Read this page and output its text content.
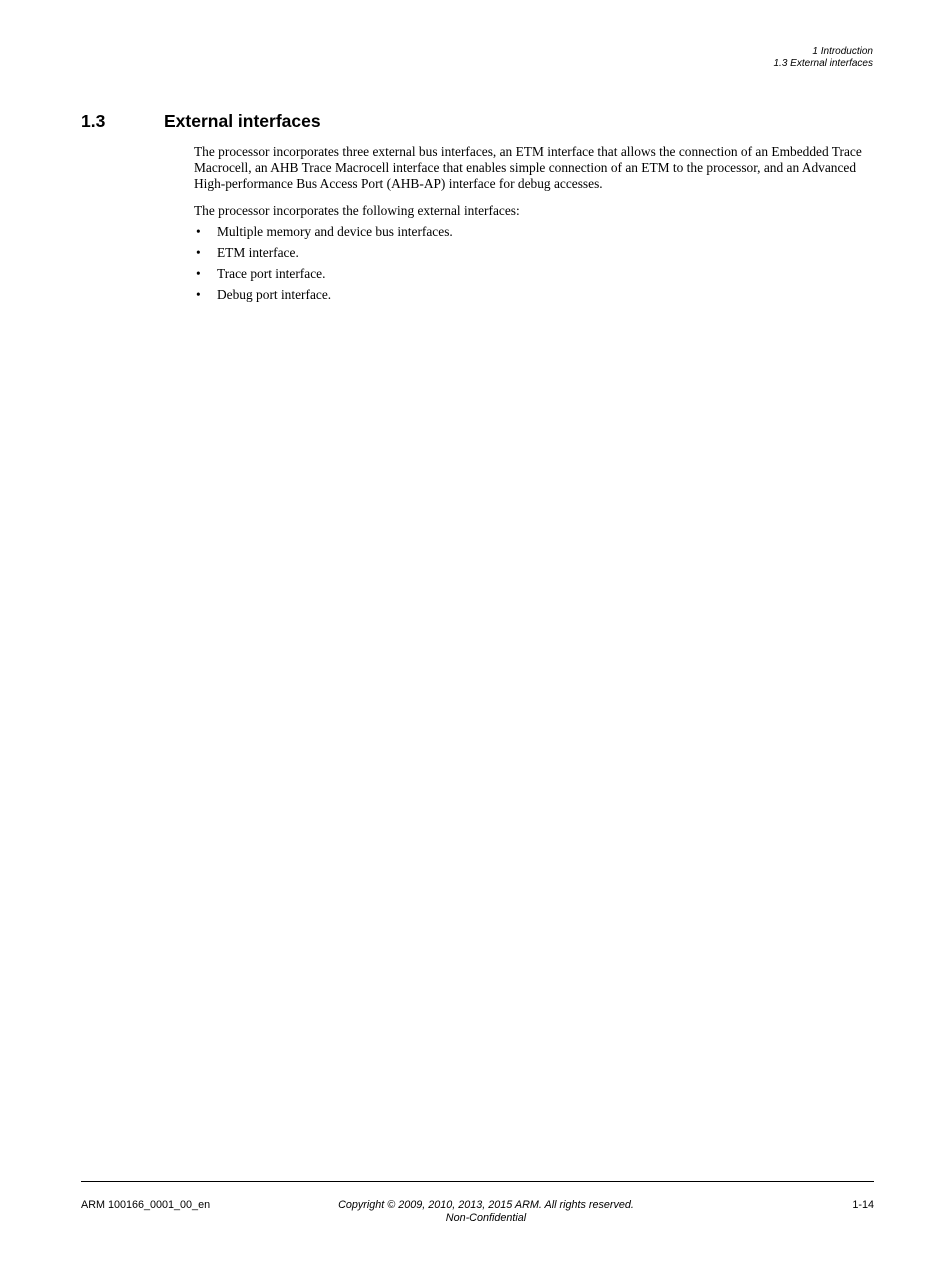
1 Introduction
1.3 External interfaces
1.3	External interfaces

The processor incorporates three external bus interfaces, an ETM interface that allows the connection of an Embedded Trace Macrocell, an AHB Trace Macrocell interface that enables simple connection of an ETM to the processor, and an Advanced High-performance Bus Access Port (AHB-AP) interface for debug accesses.

The processor incorporates the following external interfaces:

• Multiple memory and device bus interfaces.
• ETM interface.
• Trace port interface.
• Debug port interface.
ARM 100166_0001_00_en	Copyright © 2009, 2010, 2013, 2015 ARM. All rights reserved.
Non-Confidential
1-14
